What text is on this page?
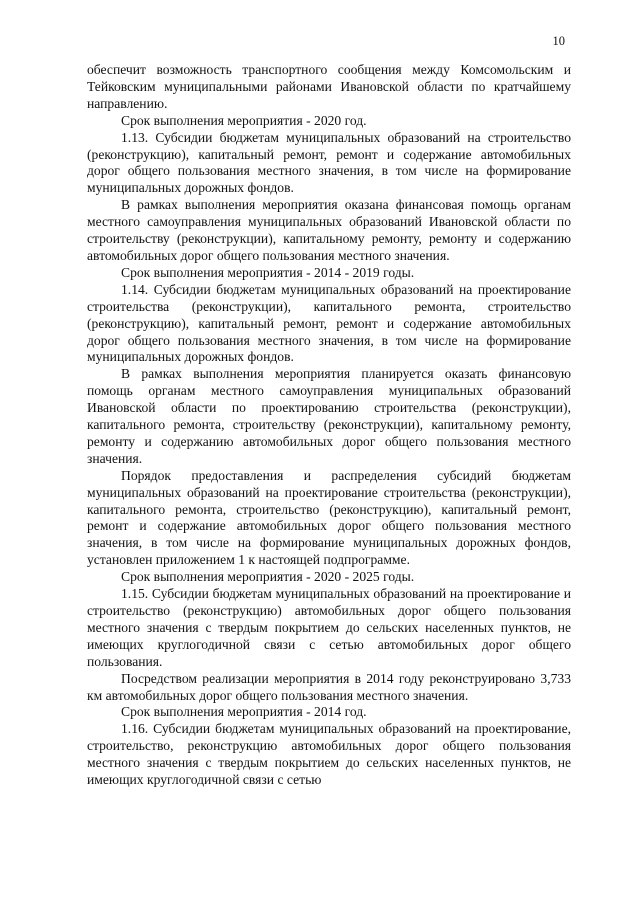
10

обеспечит возможность транспортного сообщения между Комсомольским и Тейковским муниципальными районами Ивановской области по кратчайшему направлению.

Срок выполнения мероприятия - 2020 год.

1.13. Субсидии бюджетам муниципальных образований на строительство (реконструкцию), капитальный ремонт, ремонт и содержание автомобильных дорог общего пользования местного значения, в том числе на формирование муниципальных дорожных фондов.

В рамках выполнения мероприятия оказана финансовая помощь органам местного самоуправления муниципальных образований Ивановской области по строительству (реконструкции), капитальному ремонту, ремонту и содержанию автомобильных дорог общего пользования местного значения.

Срок выполнения мероприятия - 2014 - 2019 годы.

1.14. Субсидии бюджетам муниципальных образований на проектирование строительства (реконструкции), капитального ремонта, строительство (реконструкцию), капитальный ремонт, ремонт и содержание автомобильных дорог общего пользования местного значения, в том числе на формирование муниципальных дорожных фондов.

В рамках выполнения мероприятия планируется оказать финансовую помощь органам местного самоуправления муниципальных образований Ивановской области по проектированию строительства (реконструкции), капитального ремонта, строительству (реконструкции), капитальному ремонту, ремонту и содержанию автомобильных дорог общего пользования местного значения.

Порядок предоставления и распределения субсидий бюджетам муниципальных образований на проектирование строительства (реконструкции), капитального ремонта, строительство (реконструкцию), капитальный ремонт, ремонт и содержание автомобильных дорог общего пользования местного значения, в том числе на формирование муниципальных дорожных фондов, установлен приложением 1 к настоящей подпрограмме.

Срок выполнения мероприятия - 2020 - 2025 годы.

1.15. Субсидии бюджетам муниципальных образований на проектирование и строительство (реконструкцию) автомобильных дорог общего пользования местного значения с твердым покрытием до сельских населенных пунктов, не имеющих круглогодичной связи с сетью автомобильных дорог общего пользования.

Посредством реализации мероприятия в 2014 году реконструировано 3,733 км автомобильных дорог общего пользования местного значения.

Срок выполнения мероприятия - 2014 год.

1.16. Субсидии бюджетам муниципальных образований на проектирование, строительство, реконструкцию автомобильных дорог общего пользования местного значения с твердым покрытием до сельских населенных пунктов, не имеющих круглогодичной связи с сетью
